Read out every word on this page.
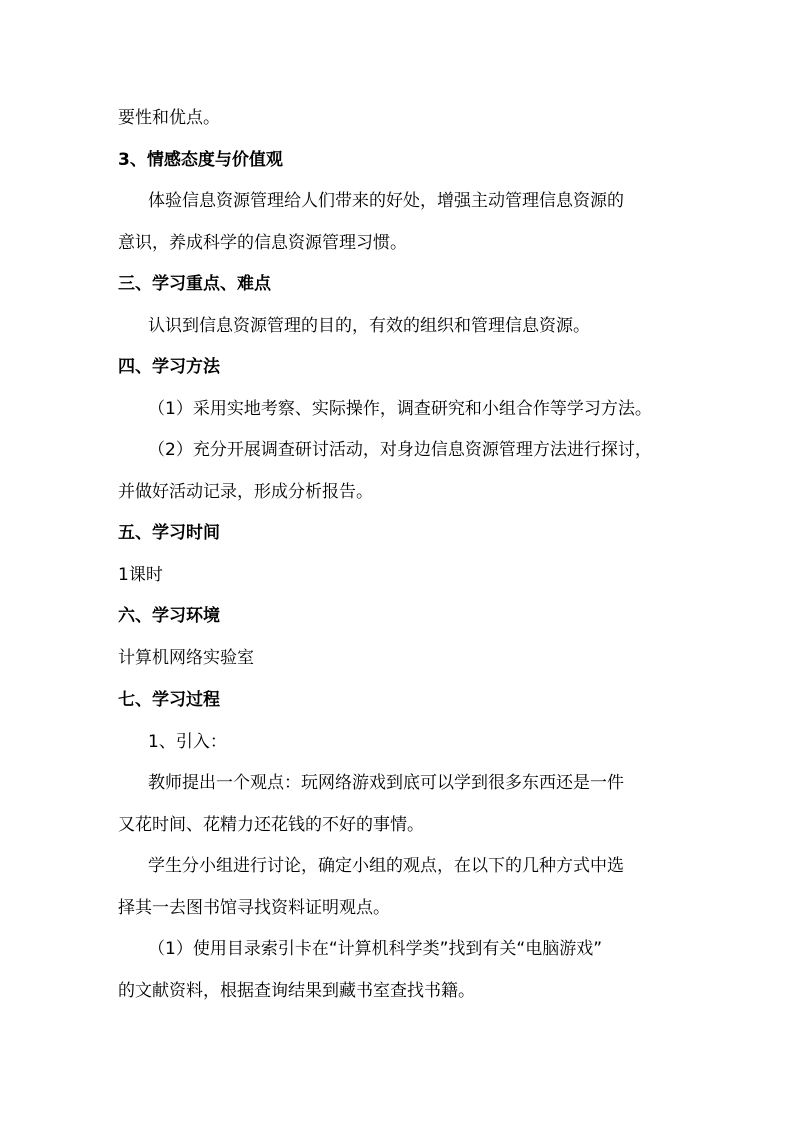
要性和优点。
3、情感态度与价值观
体验信息资源管理给人们带来的好处，增强主动管理信息资源的
意识，养成科学的信息资源管理习惯。
三、学习重点、难点
认识到信息资源管理的目的，有效的组织和管理信息资源。
四、学习方法
（1）采用实地考察、实际操作，调查研究和小组合作等学习方法。
（2）充分开展调查研讨活动，对身边信息资源管理方法进行探讨，
并做好活动记录，形成分析报告。
五、学习时间
1课时
六、学习环境
计算机网络实验室
七、学习过程
1、引入：
教师提出一个观点：玩网络游戏到底可以学到很多东西还是一件
又花时间、花精力还花钱的不好的事情。
学生分小组进行讨论，确定小组的观点，在以下的几种方式中选
择其一去图书馆寻找资料证明观点。
（1）使用目录索引卡在“计算机科学类”找到有关“电脑游戏”
的文献资料，根据查询结果到藏书室查找书籍。
